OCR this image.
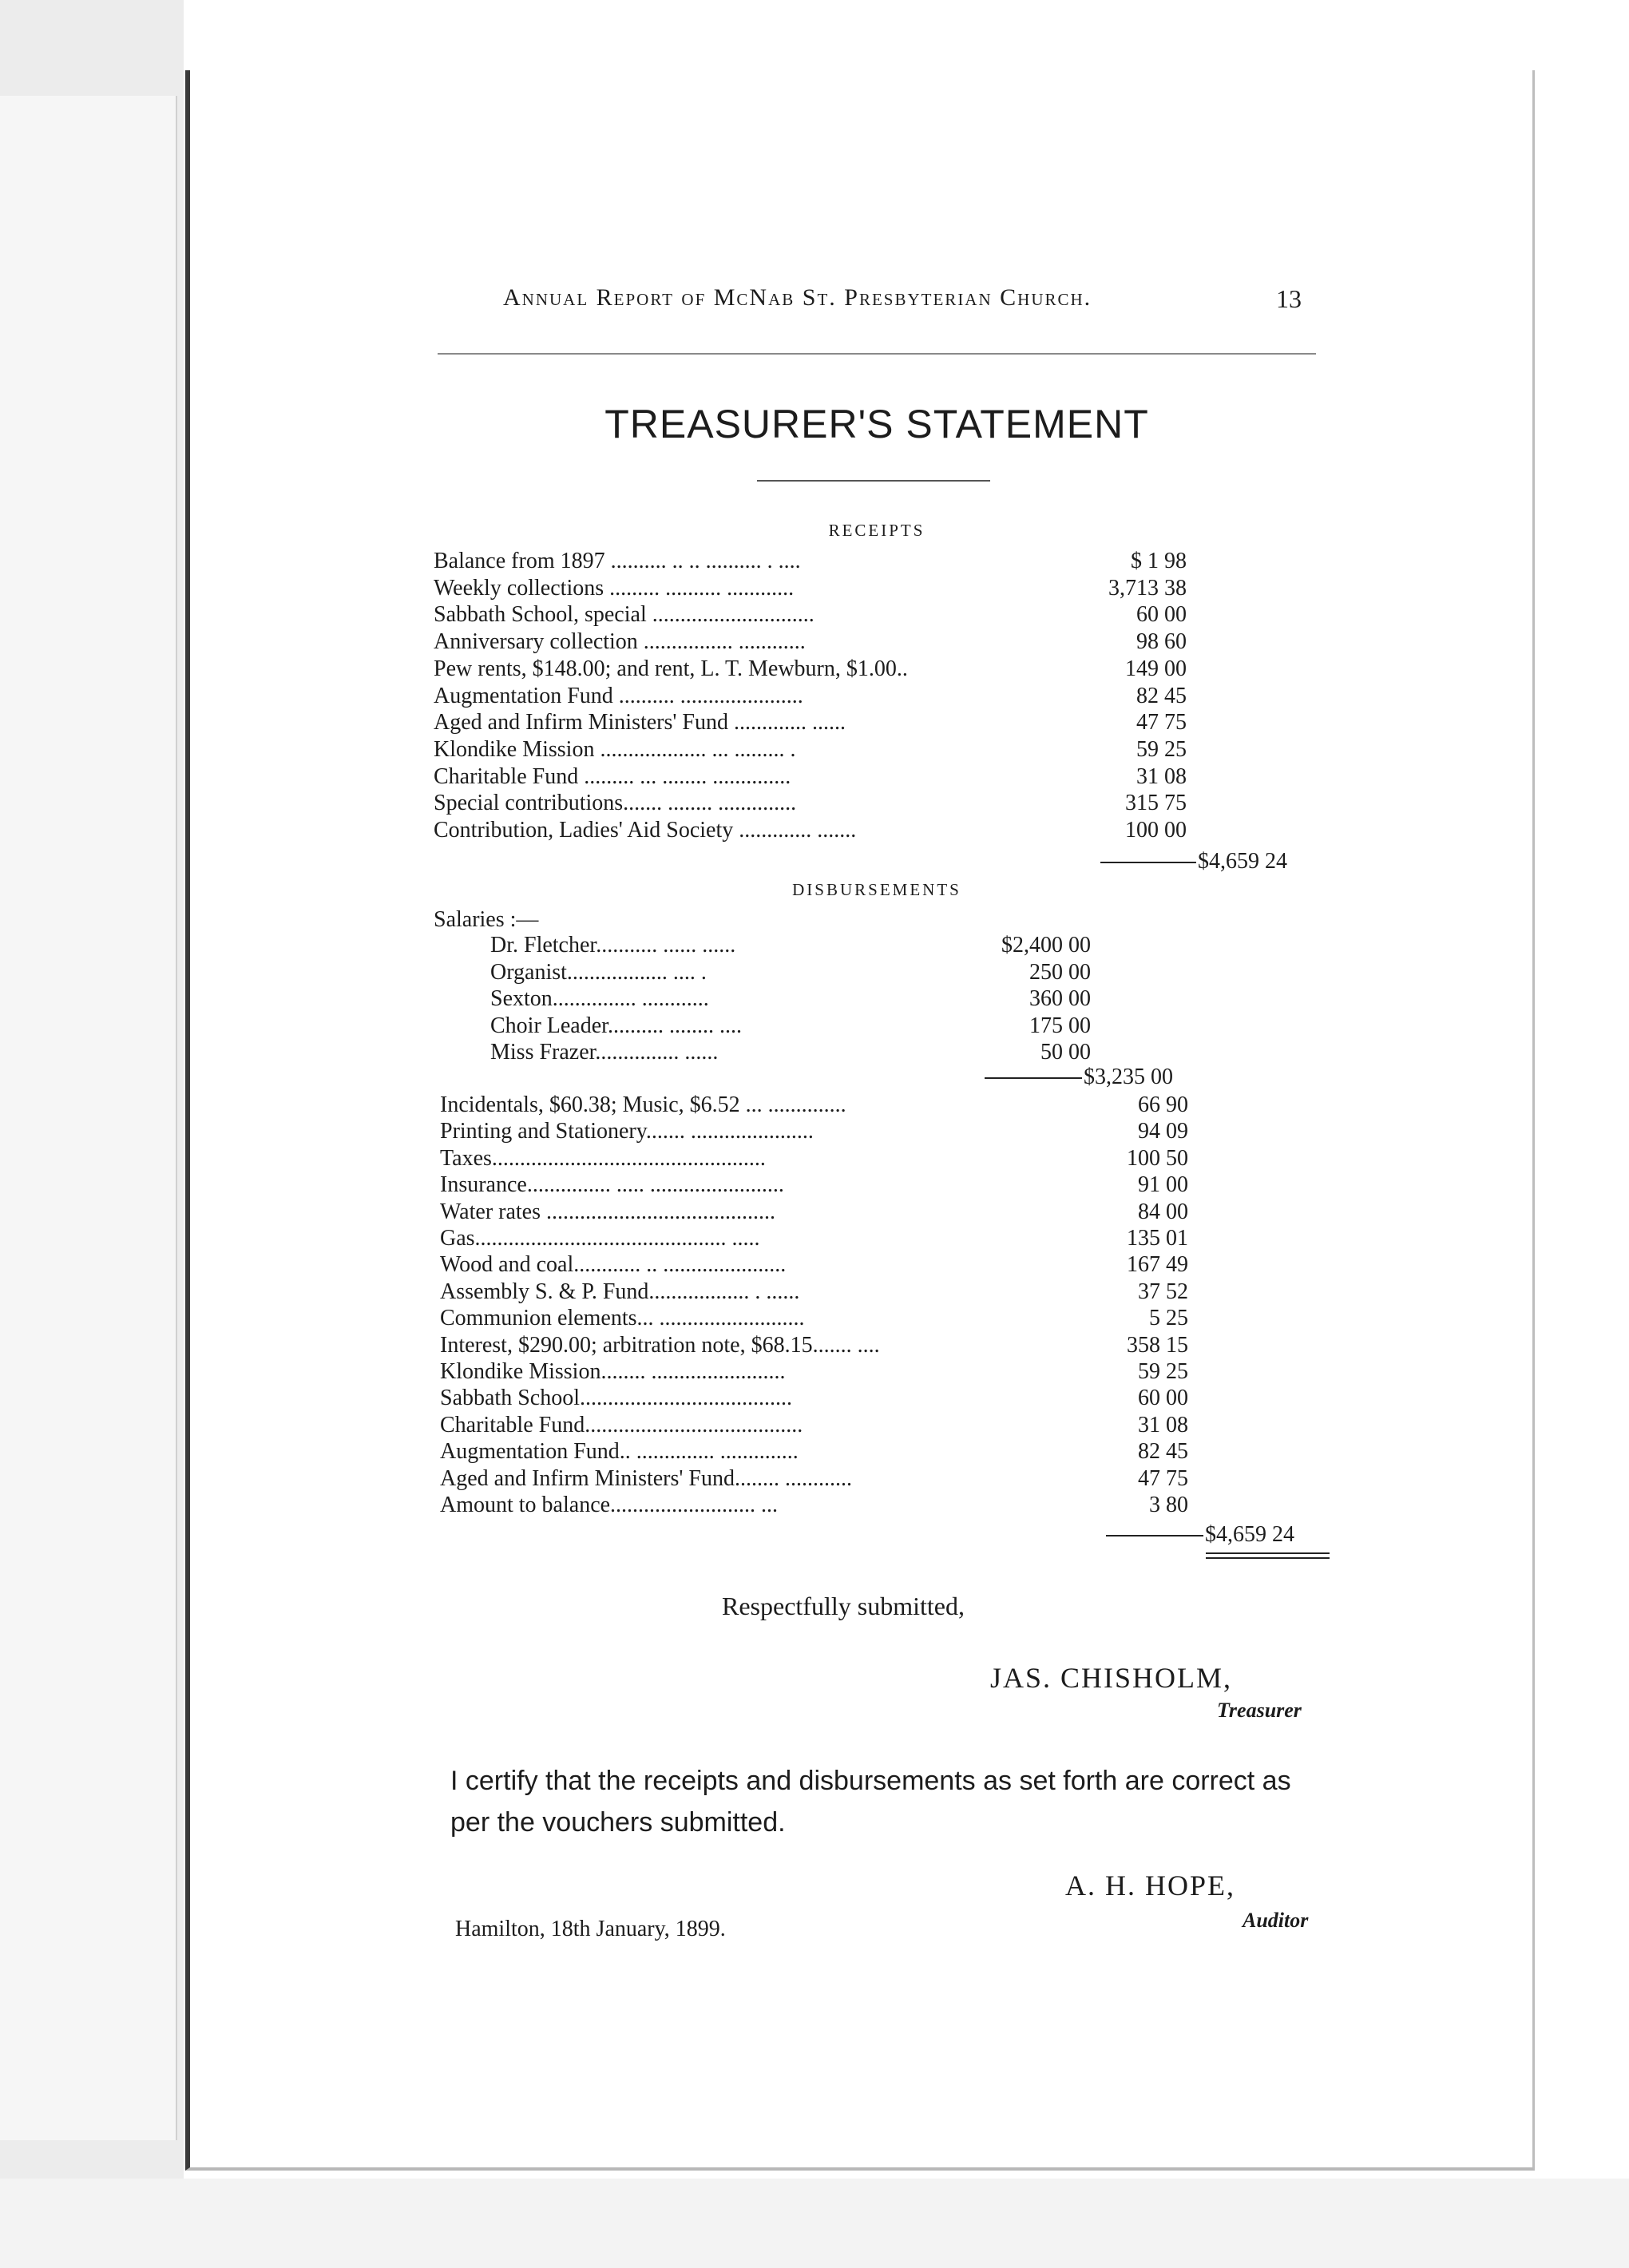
Annual Report of McNab St. Presbyterian Church.	13
TREASURER'S STATEMENT
RECEIPTS
Balance from 1897 .......... .. .. .......... . ....	$ 1 98
Weekly collections ......... .......... ............	3,713 38
Sabbath School, special .............................	60 00
Anniversary collection ................ ............	98 60
Pew rents, $148.00; and rent, L. T. Mewburn, $1.00..	149 00
Augmentation Fund .......... ......................	82 45
Aged and Infirm Ministers' Fund ............. ......	47 75
Klondike Mission ................... ... ......... .	59 25
Charitable Fund ......... ... ........ ..............	31 08
Special contributions....... ........ ..............	315 75
Contribution, Ladies' Aid Society ............. .......	100 00
$4,659 24
DISBURSEMENTS
Salaries :—
Dr. Fletcher........... ...... ......	$2,400 00
Organist.................. .... .	250 00
Sexton............... ............	360 00
Choir Leader.......... ........ ....	175 00
Miss Frazer............... ......	50 00
$3,235 00
Incidentals, $60.38; Music, $6.52 ... ..............	66 90
Printing and Stationery....... ......................	94 09
Taxes.................................................	100 50
Insurance............... ..... ........................	91 00
Water rates .........................................	84 00
Gas............................................. .....	135 01
Wood and coal............ .. ......................	167 49
Assembly S. & P. Fund.................. . ......	37 52
Communion elements... ..........................	5 25
Interest, $290.00; arbitration note, $68.15....... ....	358 15
Klondike Mission........ ........................	59 25
Sabbath School......................................	60 00
Charitable Fund.......................................	31 08
Augmentation Fund.. .............. ..............	82 45
Aged and Infirm Ministers' Fund........ ............	47 75
Amount to balance.......................... ...	3 80
$4,659 24
Respectfully submitted,
JAS. CHISHOLM,
Treasurer
I certify that the receipts and disbursements as set forth are correct as per the vouchers submitted.
A. H. HOPE,
Auditor
Hamilton, 18th January, 1899.
